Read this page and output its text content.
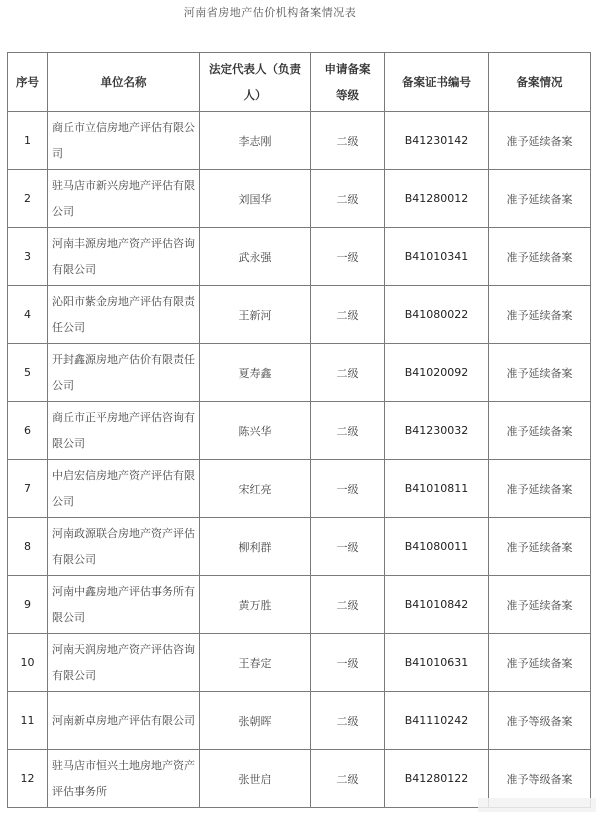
河南省房地产估价机构备案情况表
序号	单位名称	法定代表人（负责人）	申请备案等级	备案证书编号	备案情况

1	商丘市立信房地产评估有限公司	李志刚	二级	B41230142	准予延续备案
2	驻马店市新兴房地产评估有限公司	刘国华	二级	B41280012	准予延续备案
3	河南丰源房地产资产评估咨询有限公司	武永强	一级	B41010341	准予延续备案
4	沁阳市紫金房地产评估有限责任公司	王新河	二级	B41080022	准予延续备案
5	开封鑫源房地产估价有限责任公司	夏寿鑫	二级	B41020092	准予延续备案
6	商丘市正平房地产评估咨询有限公司	陈兴华	二级	B41230032	准予延续备案
7	中启宏信房地产资产评估有限公司	宋红亮	一级	B41010811	准予延续备案
8	河南政源联合房地产资产评估有限公司	柳利群	一级	B41080011	准予延续备案
9	河南中鑫房地产评估事务所有限公司	黄万胜	二级	B41010842	准予延续备案
10	河南天润房地产资产评估咨询有限公司	王春定	一级	B41010631	准予延续备案
11	河南新卓房地产评估有限公司	张朝晖	二级	B41110242	准予等级备案
12	驻马店市恒兴土地房地产资产评估事务所	张世启	二级	B41280122	准予等级备案
